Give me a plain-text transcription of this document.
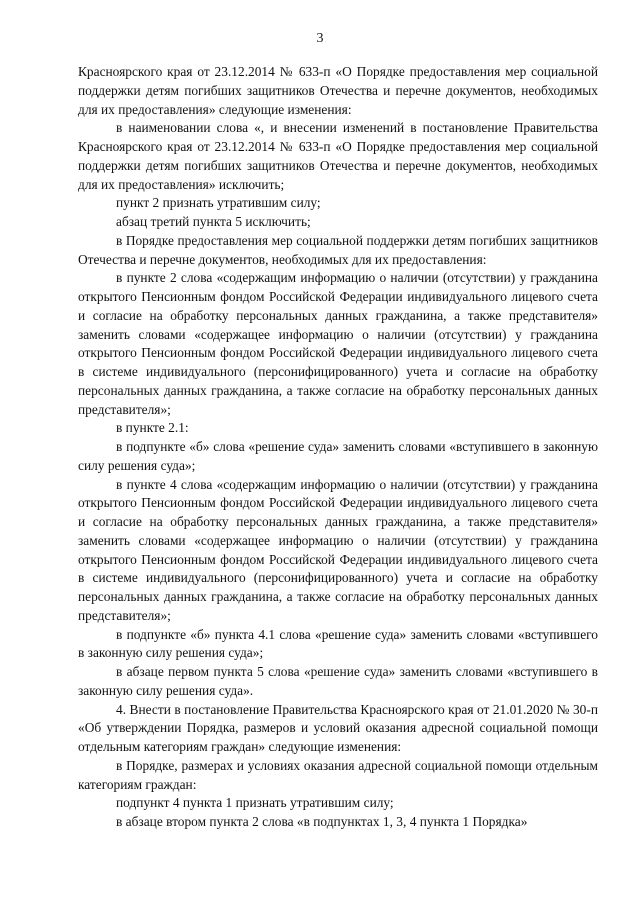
3

Красноярского края от 23.12.2014 № 633-п «О Порядке предоставления мер социальной поддержки детям погибших защитников Отечества и перечне документов, необходимых для их предоставления» следующие изменения:

в наименовании слова «, и внесении изменений в постановление Правительства Красноярского края от 23.12.2014 № 633-п «О Порядке предоставления мер социальной поддержки детям погибших защитников Отечества и перечне документов, необходимых для их предоставления» исключить;

пункт 2 признать утратившим силу;

абзац третий пункта 5 исключить;

в Порядке предоставления мер социальной поддержки детям погибших защитников Отечества и перечне документов, необходимых для их предоставления:

в пункте 2 слова «содержащим информацию о наличии (отсутствии) у гражданина открытого Пенсионным фондом Российской Федерации индивидуального лицевого счета и согласие на обработку персональных данных гражданина, а также представителя» заменить словами «содержащее информацию о наличии (отсутствии) у гражданина открытого Пенсионным фондом Российской Федерации индивидуального лицевого счета в системе индивидуального (персонифицированного) учета и согласие на обработку персональных данных гражданина, а также согласие на обработку персональных данных представителя»;

в пункте 2.1:

в подпункте «б» слова «решение суда» заменить словами «вступившего в законную силу решения суда»;

в пункте 4 слова «содержащим информацию о наличии (отсутствии) у гражданина открытого Пенсионным фондом Российской Федерации индивидуального лицевого счета и согласие на обработку персональных данных гражданина, а также представителя» заменить словами «содержащее информацию о наличии (отсутствии) у гражданина открытого Пенсионным фондом Российской Федерации индивидуального лицевого счета в системе индивидуального (персонифицированного) учета и согласие на обработку персональных данных гражданина, а также согласие на обработку персональных данных представителя»;

в подпункте «б» пункта 4.1 слова «решение суда» заменить словами «вступившего в законную силу решения суда»;

в абзаце первом пункта 5 слова «решение суда» заменить словами «вступившего в законную силу решения суда».

4. Внести в постановление Правительства Красноярского края от 21.01.2020 № 30-п «Об утверждении Порядка, размеров и условий оказания адресной социальной помощи отдельным категориям граждан» следующие изменения:

в Порядке, размерах и условиях оказания адресной социальной помощи отдельным категориям граждан:

подпункт 4 пункта 1 признать утратившим силу;

в абзаце втором пункта 2 слова «в подпунктах 1, 3, 4 пункта 1 Порядка»
